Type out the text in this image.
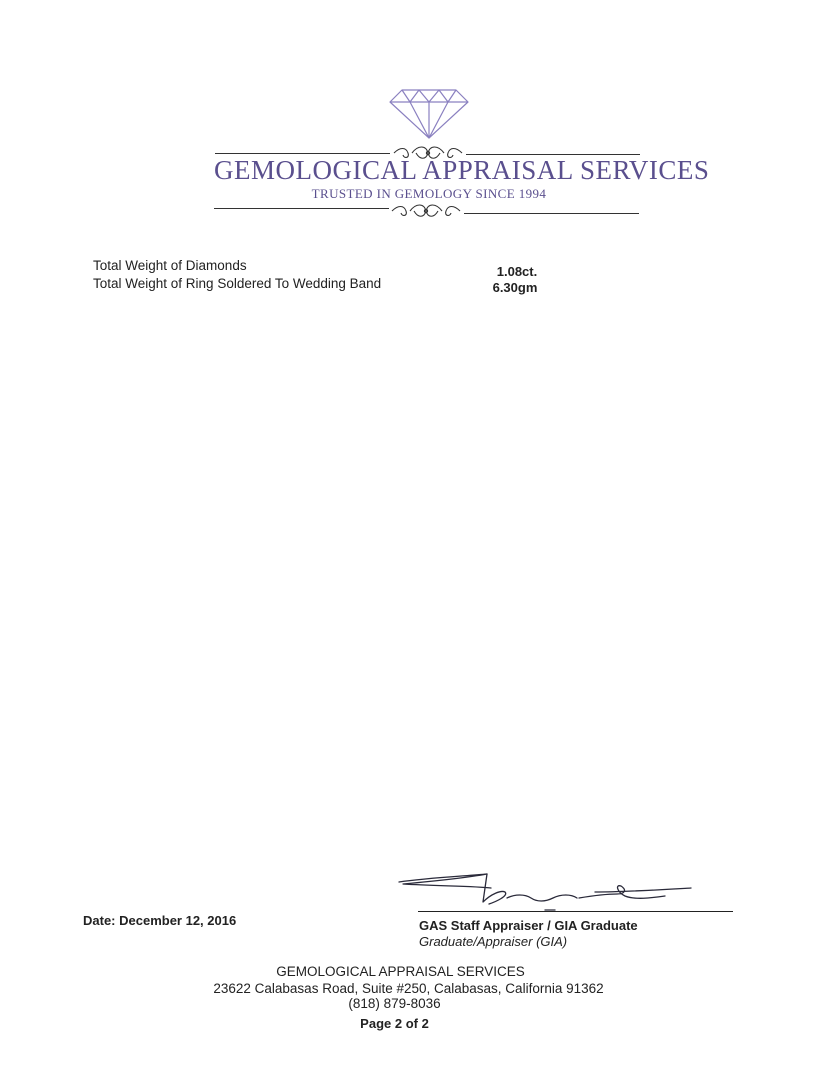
GEMOLOGICAL APPRAISAL SERVICES
TRUSTED IN GEMOLOGY SINCE 1994
Total Weight of Diamonds	1.08ct.
Total Weight of Ring Soldered To Wedding Band	6.30gm
Date: December 12, 2016	GAS Staff Appraiser / GIA Graduate
Graduate/Appraiser (GIA)
GEMOLOGICAL APPRAISAL SERVICES
23622 Calabasas Road, Suite #250, Calabasas, California 91362
(818) 879-8036
Page 2 of 2
